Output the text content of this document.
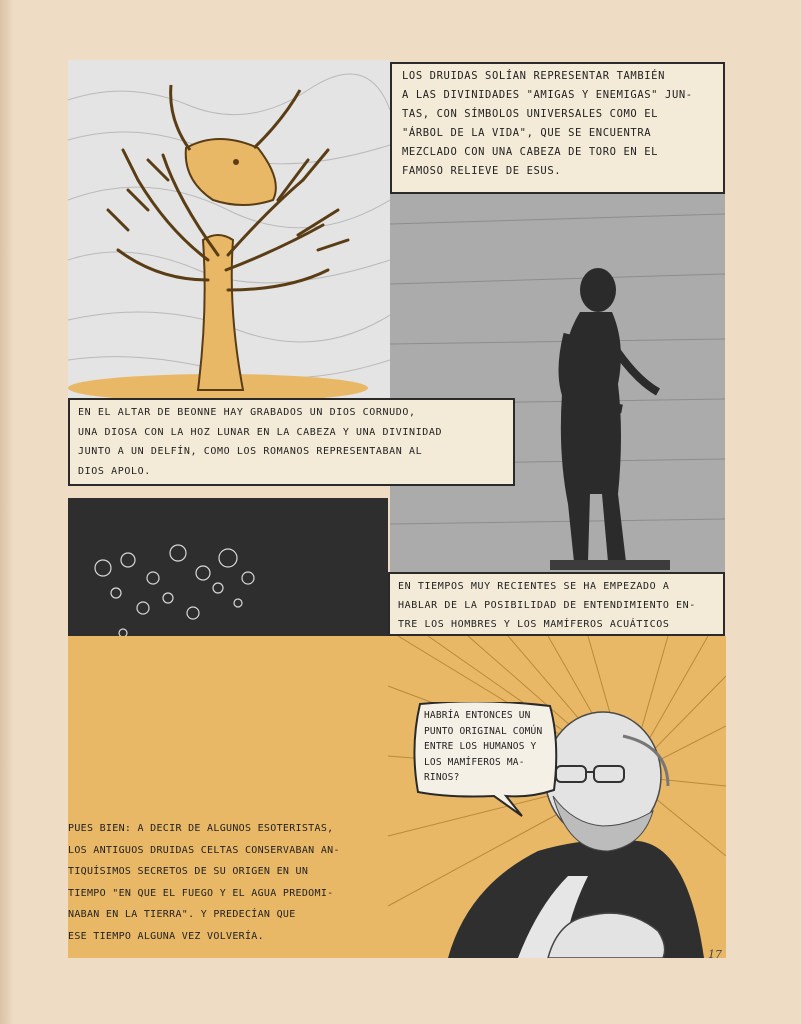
LOS DRUIDAS SOLÍAN REPRESENTAR TAMBIÉN
A LAS DIVINIDADES "AMIGAS Y ENEMIGAS" JUN-
TAS, CON SÍMBOLOS UNIVERSALES COMO EL
"ÁRBOL DE LA VIDA", QUE SE ENCUENTRA
MEZCLADO CON UNA CABEZA DE TORO EN EL
FAMOSO RELIEVE DE ESUS.
EN EL ALTAR DE BEONNE HAY GRABADOS UN DIOS CORNUDO,
UNA DIOSA CON LA HOZ LUNAR EN LA CABEZA Y UNA DIVINIDAD
JUNTO A UN DELFÍN, COMO LOS ROMANOS REPRESENTABAN AL
DIOS APOLO.
EN TIEMPOS MUY RECIENTES SE HA EMPEZADO A
HABLAR DE LA POSIBILIDAD DE ENTENDIMIENTO EN-
TRE LOS HOMBRES Y LOS MAMÍFEROS ACUÁTICOS
HABRÍA ENTONCES UN
PUNTO ORIGINAL COMÚN
ENTRE LOS HUMANOS Y
LOS MAMÍFEROS MA-
RINOS?
PUES BIEN: A DECIR DE ALGUNOS ESOTERISTAS,
LOS ANTIGUOS DRUIDAS CELTAS CONSERVABAN AN-
TIQUÍSIMOS SECRETOS DE SU ORIGEN EN UN
TIEMPO "EN QUE EL FUEGO Y EL AGUA PREDOMI-
NABAN EN LA TIERRA". Y PREDECÍAN QUE
ESE TIEMPO ALGUNA VEZ VOLVERÍA.
17
